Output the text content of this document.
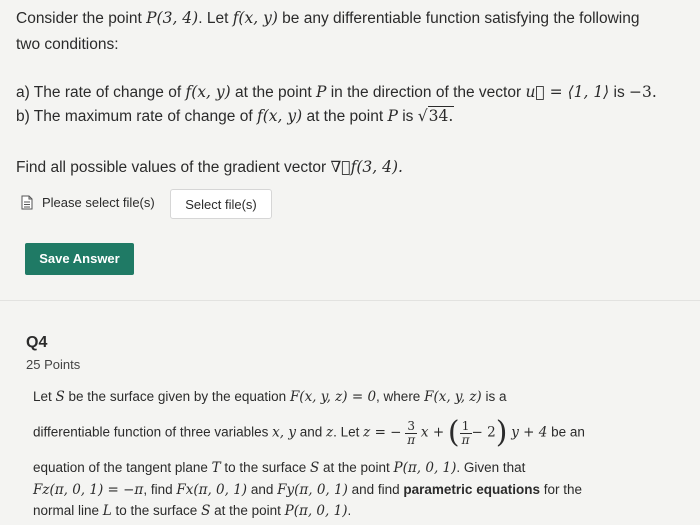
Consider the point P(3, 4). Let f(x, y) be any differentiable function satisfying the following
two conditions:
a) The rate of change of f(x, y) at the point P in the direction of the vector u⃗ = ⟨1, 1⟩ is −3.
b) The maximum rate of change of f(x, y) at the point P is √34.
Find all possible values of the gradient vector ∇⃗f(3, 4).
Please select file(s)	Select file(s)
Save Answer
Q4
25 Points
Let S be the surface given by the equation F(x, y, z) = 0, where F(x, y, z) is a
differentiable function of three variables x, y and z. Let z = − $\frac{3}{\pi}$ x + ( $\frac{1}{\pi} - 2$) y + 4 be an
equation of the tangent plane T to the surface S at the point P(π, 0, 1). Given that
Fz(π, 0, 1) = −π, find Fx(π, 0, 1) and Fy(π, 0, 1) and find parametric equations for the
normal line L to the surface S at the point P(π, 0, 1).
